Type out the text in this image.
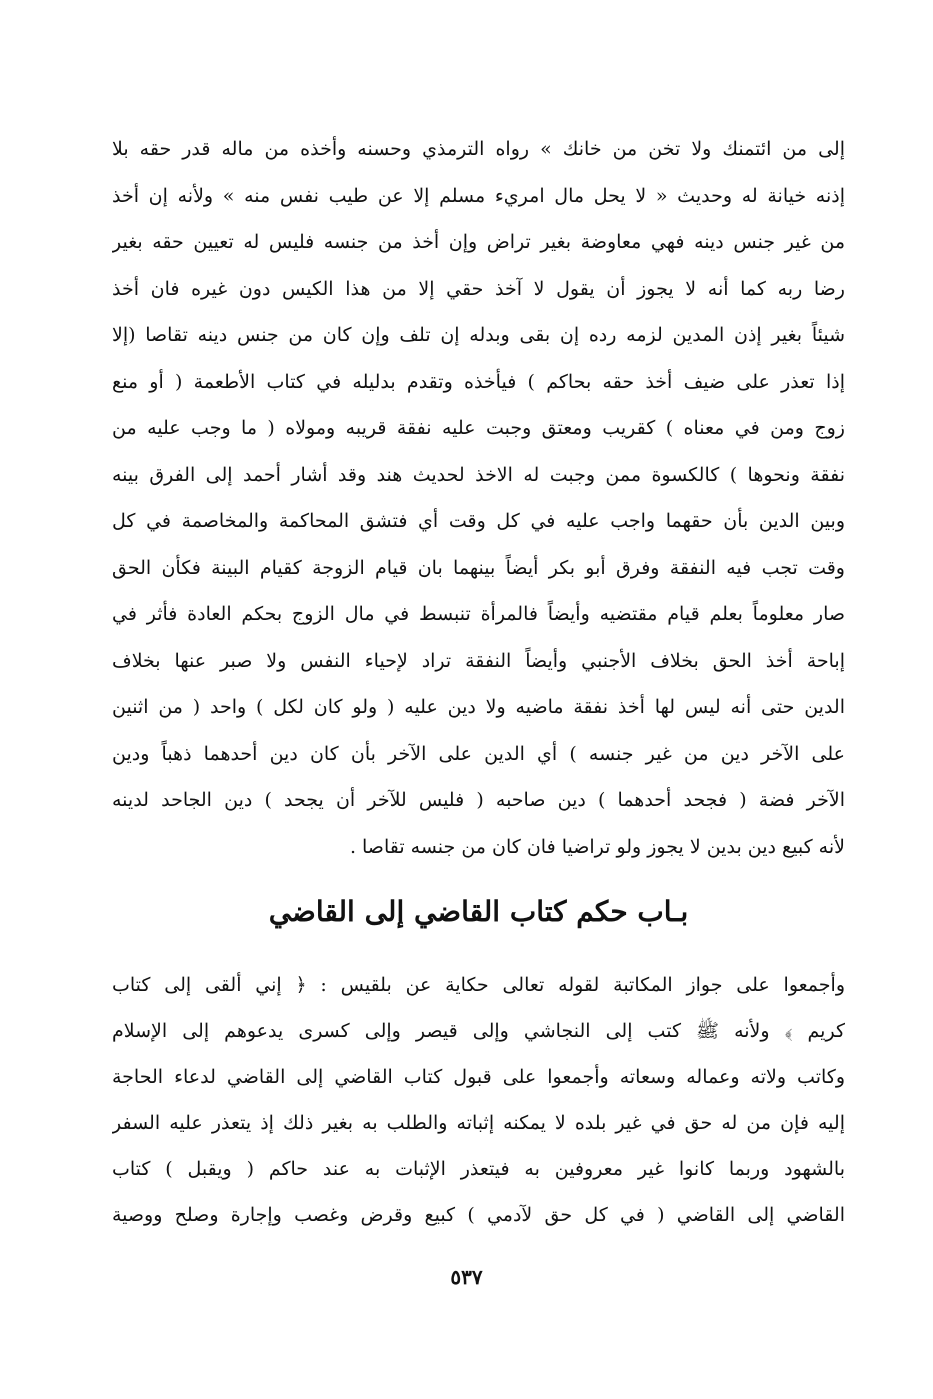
إلى من ائتمنك ولا تخن من خانك » رواه الترمذي وحسنه وأخذه من ماله قدر حقه بلا
إذنه خيانة له وحديث « لا يحل مال امريء مسلم إلا عن طيب نفس منه » ولأنه إن أخذ
من غير جنس دينه فهي معاوضة بغير تراض وإن أخذ من جنسه فليس له تعيين حقه بغير
رضا ربه كما أنه لا يجوز أن يقول لا آخذ حقي إلا من هذا الكيس دون غيره فان أخذ
شيئاً بغير إذن المدين لزمه رده إن بقى وبدله إن تلف وإن كان من جنس دينه تقاصا (إلا
إذا تعذر على ضيف أخذ حقه بحاكم ) فيأخذه وتقدم بدليله في كتاب الأطعمة ( أو منع
زوج ومن في معناه ) كقريب ومعتق وجبت عليه نفقة قريبه ومولاه ( ما وجب عليه من
نفقة ونحوها ) كالكسوة ممن وجبت له الاخذ لحديث هند وقد أشار أحمد إلى الفرق بينه
وبين الدين بأن حقهما واجب عليه في كل وقت أي فتشق المحاكمة والمخاصمة في كل
وقت تجب فيه النفقة وفرق أبو بكر أيضاً بينهما بان قيام الزوجة كقيام البينة فكأن الحق
صار معلوماً بعلم قيام مقتضيه وأيضاً فالمرأة تنبسط في مال الزوج بحكم العادة فأثر في
إباحة أخذ الحق بخلاف الأجنبي وأيضاً النفقة تراد لإحياء النفس ولا صبر عنها بخلاف
الدين حتى أنه ليس لها أخذ نفقة ماضيه ولا دين عليه ( ولو كان لكل ) واحد ( من اثنين
على الآخر دين من غير جنسه ) أي الدين على الآخر بأن كان دين أحدهما ذهباً ودين
الآخر فضة ( فجحد أحدهما ) دين صاحبه ( فليس للآخر أن يجحد ) دين الجاحد لدينه
لأنه كبيع دين بدين لا يجوز ولو تراضيا فان كان من جنسه تقاصا .
بـاب حكم كتاب القاضي إلى القاضي
وأجمعوا على جواز المكاتبة لقوله تعالى حكاية عن بلقيس : ﴿ إني ألقى إلى كتاب
كريم ﴾ ولأنه ﷺ كتب إلى النجاشي وإلى قيصر وإلى كسرى يدعوهم إلى الإسلام
وكاتب ولاته وعماله وسعاته وأجمعوا على قبول كتاب القاضي إلى القاضي لدعاء الحاجة
إليه فإن من له حق في غير بلده لا يمكنه إثباته والطلب به بغير ذلك إذ يتعذر عليه السفر
بالشهود وربما كانوا غير معروفين به فيتعذر الإثبات به عند حاكم ( ويقبل ) كتاب
القاضي إلى القاضي ( في كل حق لآدمي ) كبيع وقرض وغصب وإجارة وصلح ووصية
٥٣٧
